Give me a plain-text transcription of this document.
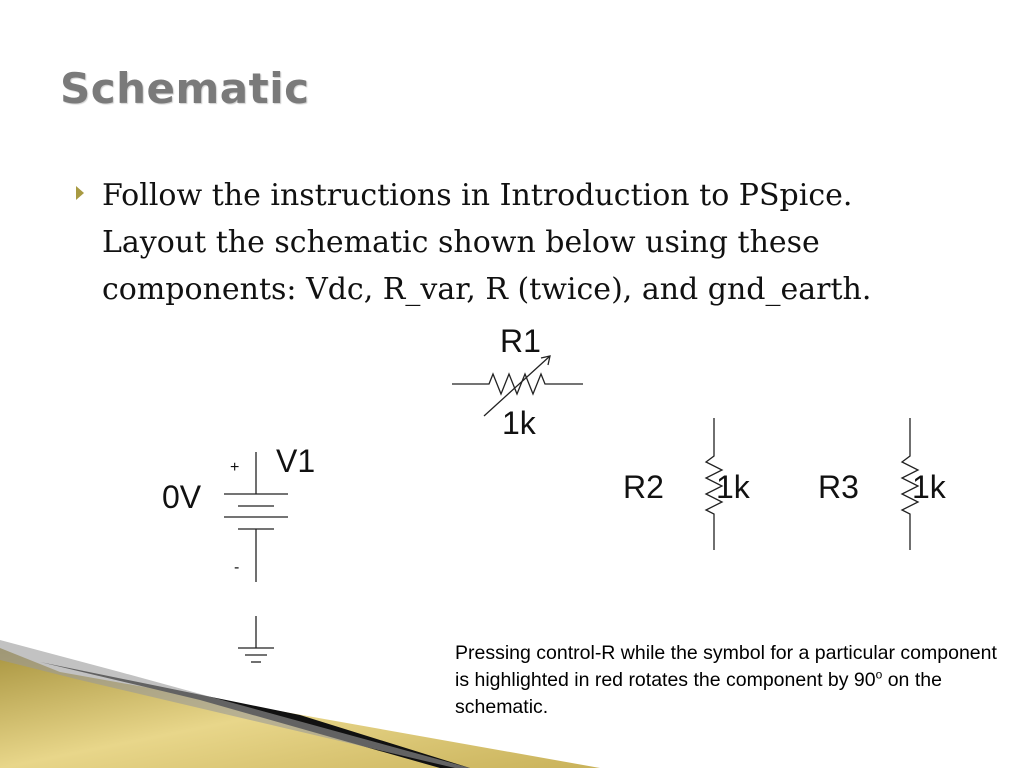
Schematic
Follow the instructions in Introduction to PSpice. Layout the schematic shown below using these components: Vdc, R_var, R (twice), and gnd_earth.
R1
1k
V1
0V
+
-
R2 1k R3 1k
Pressing control-R while the symbol for a particular component is highlighted in red rotates the component by 90$^o$ on the schematic.
